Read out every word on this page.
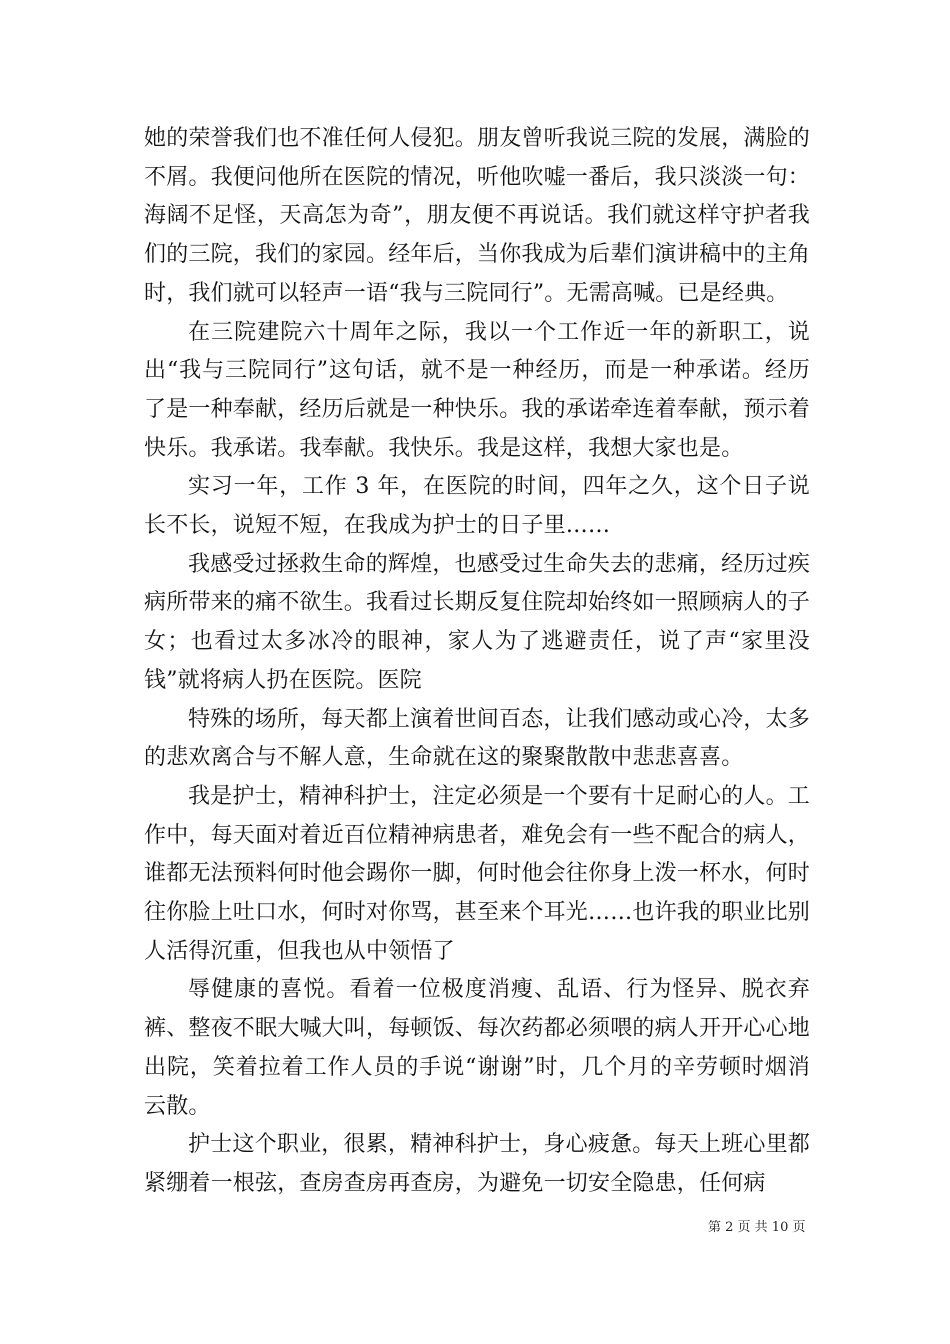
她的荣誉我们也不准任何人侵犯。朋友曾听我说三院的发展，满脸的不屑。我便问他所在医院的情况，听他吹嘘一番后，我只淡淡一句：海阔不足怪，天高怎为奇”，朋友便不再说话。我们就这样守护者我们的三院，我们的家园。经年后，当你我成为后辈们演讲稿中的主角时，我们就可以轻声一语“我与三院同行”。无需高喊。已是经典。

在三院建院六十周年之际，我以一个工作近一年的新职工，说出“我与三院同行”这句话，就不是一种经历，而是一种承诺。经历了是一种奉献，经历后就是一种快乐。我的承诺牵连着奉献，预示着快乐。我承诺。我奉献。我快乐。我是这样，我想大家也是。

实习一年，工作 3 年，在医院的时间，四年之久，这个日子说长不长，说短不短，在我成为护士的日子里……

我感受过拯救生命的辉煌，也感受过生命失去的悲痛，经历过疾病所带来的痛不欲生。我看过长期反复住院却始终如一照顾病人的子女；也看过太多冰冷的眼神，家人为了逃避责任，说了声“家里没钱”就将病人扔在医院。医院

特殊的场所，每天都上演着世间百态，让我们感动或心冷，太多的悲欢离合与不解人意，生命就在这的聚聚散散中悲悲喜喜。

我是护士，精神科护士，注定必须是一个要有十足耐心的人。工作中，每天面对着近百位精神病患者，难免会有一些不配合的病人，谁都无法预料何时他会踢你一脚，何时他会往你身上泼一杯水，何时往你脸上吐口水，何时对你骂，甚至来个耳光……也许我的职业比别人活得沉重，但我也从中领悟了

辱健康的喜悦。看着一位极度消瘦、乱语、行为怪异、脱衣弃裤、整夜不眠大喊大叫，每顿饭、每次药都必须喂的病人开开心心地出院，笑着拉着工作人员的手说“谢谢”时，几个月的辛劳顿时烟消云散。

护士这个职业，很累，精神科护士，身心疲惫。每天上班心里都紧绷着一根弦，查房查房再查房，为避免一切安全隐患，任何病

第 2 页 共 10 页
